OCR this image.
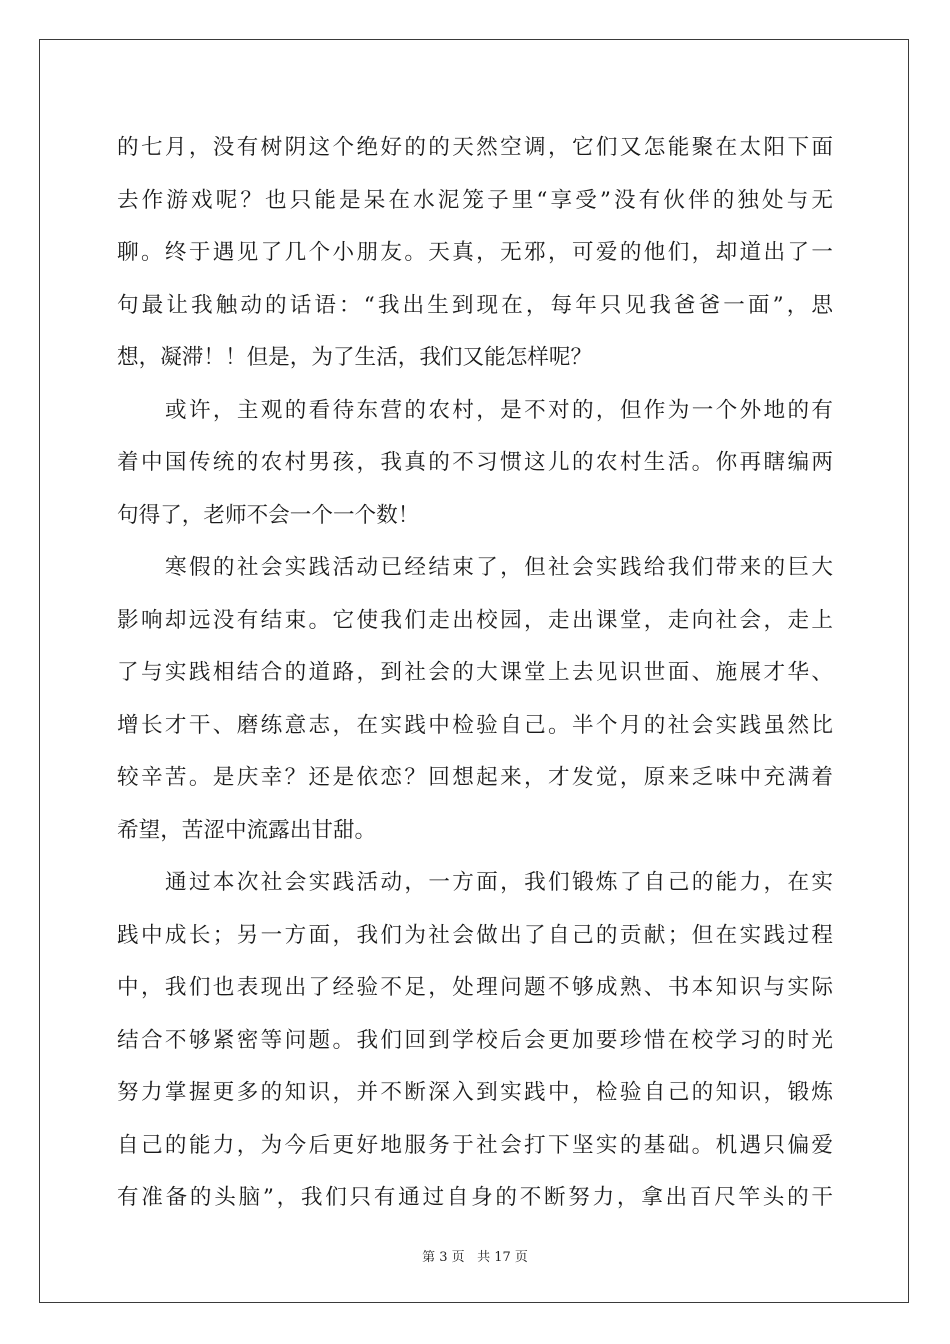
的七月，没有树阴这个绝好的的天然空调，它们又怎能聚在太阳下面
去作游戏呢？也只能是呆在水泥笼子里“享受”没有伙伴的独处与无
聊。终于遇见了几个小朋友。天真，无邪，可爱的他们，却道出了一
句最让我触动的话语：“我出生到现在，每年只见我爸爸一面”，思
想，凝滞！！但是，为了生活，我们又能怎样呢？
或许，主观的看待东营的农村，是不对的，但作为一个外地的有
着中国传统的农村男孩，我真的不习惯这儿的农村生活。你再瞎编两
句得了，老师不会一个一个数！
寒假的社会实践活动已经结束了，但社会实践给我们带来的巨大
影响却远没有结束。它使我们走出校园，走出课堂，走向社会，走上
了与实践相结合的道路，到社会的大课堂上去见识世面、施展才华、
增长才干、磨练意志，在实践中检验自己。半个月的社会实践虽然比
较辛苦。是庆幸？还是依恋？回想起来，才发觉，原来乏味中充满着
希望，苦涩中流露出甘甜。
通过本次社会实践活动，一方面，我们锻炼了自己的能力，在实
践中成长；另一方面，我们为社会做出了自己的贡献；但在实践过程
中，我们也表现出了经验不足，处理问题不够成熟、书本知识与实际
结合不够紧密等问题。我们回到学校后会更加要珍惜在校学习的时光
努力掌握更多的知识，并不断深入到实践中，检验自己的知识，锻炼
自己的能力，为今后更好地服务于社会打下坚实的基础。机遇只偏爱
有准备的头脑”，我们只有通过自身的不断努力，拿出百尺竿头的干
第 3 页 共 17 页
